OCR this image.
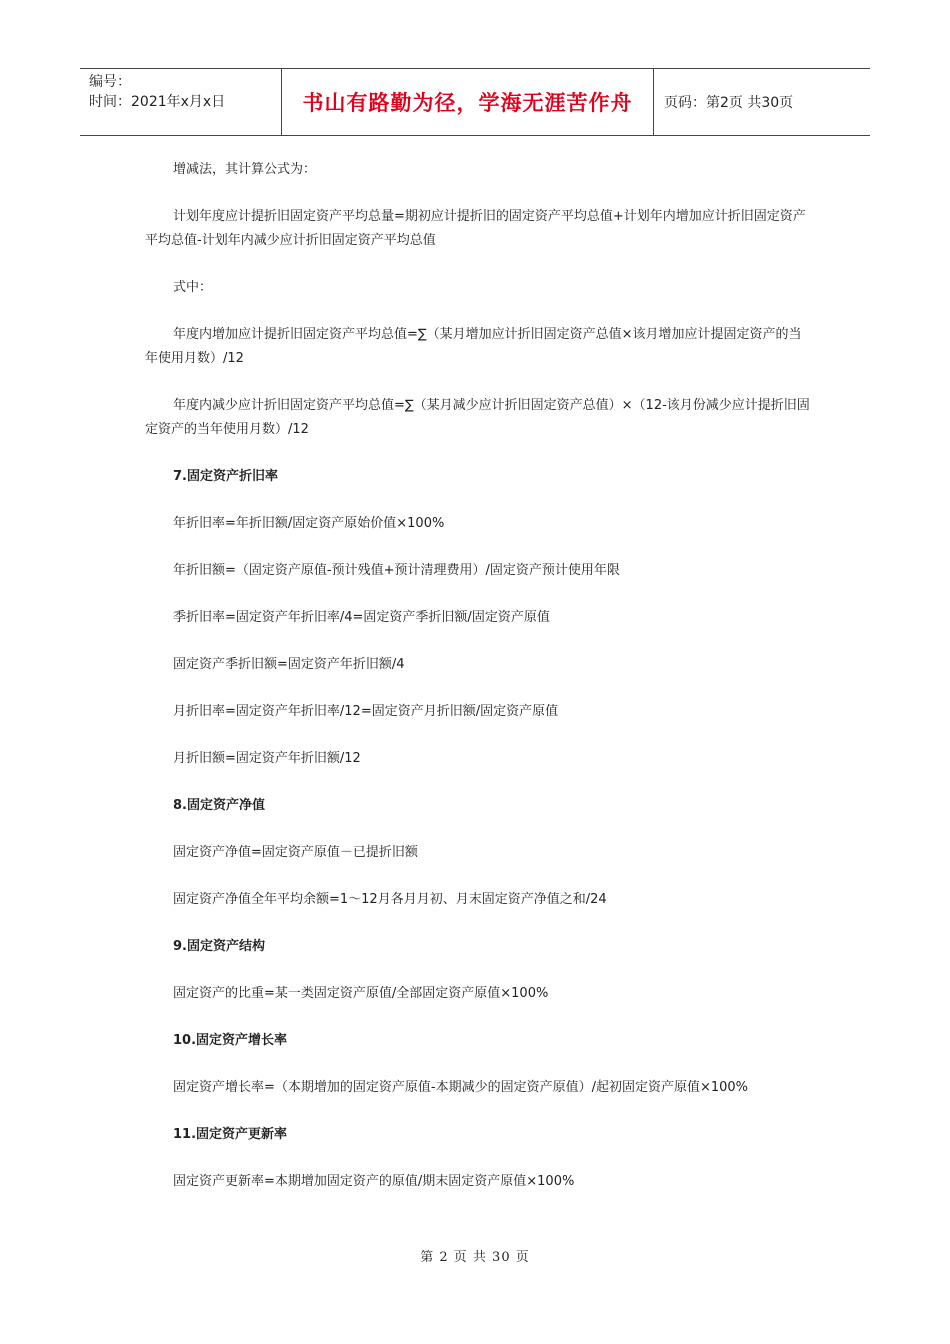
编号：
时间：2021年x月x日	书山有路勤为径，学海无涯苦作舟 页码：第2页 共30页

增减法，其计算公式为：

计划年度应计提折旧固定资产平均总量=期初应计提折旧的固定资产平均总值+计划年内增加应计折旧固定资产平均总值-计划年内减少应计折旧固定资产平均总值

式中：

年度内增加应计提折旧固定资产平均总值=∑（某月增加应计折旧固定资产总值×该月增加应计提固定资产的当年使用月数）/12

年度内减少应计折旧固定资产平均总值=∑（某月减少应计折旧固定资产总值）×（12-该月份减少应计提折旧固定资产的当年使用月数）/12

7.固定资产折旧率

年折旧率=年折旧额/固定资产原始价值×100%

年折旧额=（固定资产原值-预计残值+预计清理费用）/固定资产预计使用年限

季折旧率=固定资产年折旧率/4=固定资产季折旧额/固定资产原值

固定资产季折旧额=固定资产年折旧额/4

月折旧率=固定资产年折旧率/12=固定资产月折旧额/固定资产原值

月折旧额=固定资产年折旧额/12

8.固定资产净值

固定资产净值=固定资产原值－已提折旧额

固定资产净值全年平均余额=1～12月各月月初、月末固定资产净值之和/24

9.固定资产结构

固定资产的比重=某一类固定资产原值/全部固定资产原值×100%

10.固定资产增长率

固定资产增长率=（本期增加的固定资产原值-本期减少的固定资产原值）/起初固定资产原值×100%

11.固定资产更新率

固定资产更新率=本期增加固定资产的原值/期末固定资产原值×100%

第 2 页 共 30 页
